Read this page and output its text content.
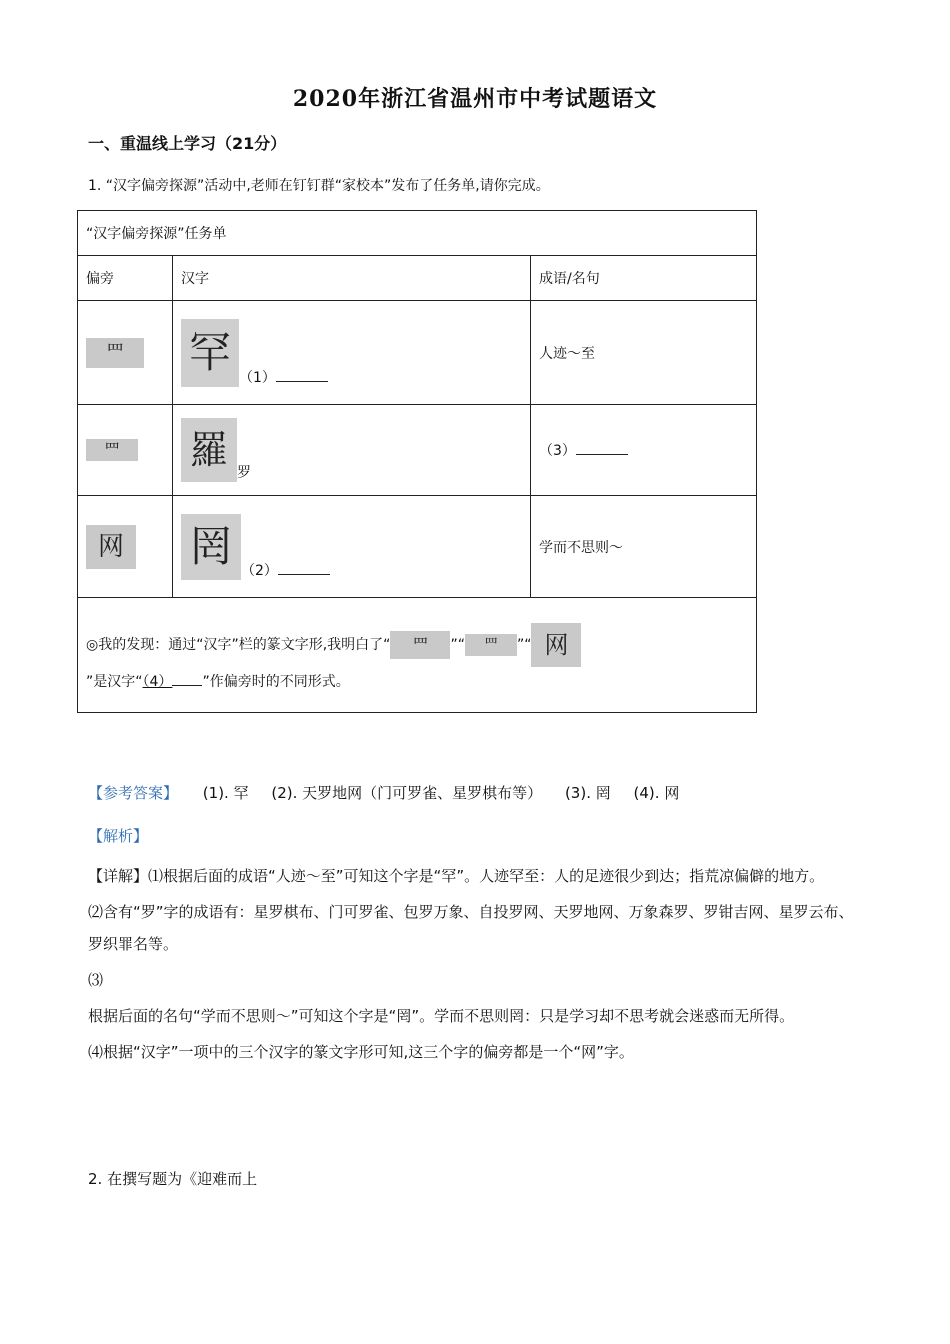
2020年浙江省温州市中考试题语文
一、重温线上学习（21分）
1. “汉字偏旁探源”活动中,老师在钉钉群“家校本”发布了任务单,请你完成。
“汉字偏旁探源”任务单		
偏旁	汉字	成语/名句
罒	罕（1）	人迹～至
罒	羅罗	（3）
网	罔 （2）	学而不思则～

◎我的发现：通过“汉字”栏的篆文字形,我明白了“ 罒 ”“ 罒 ”“ 网
”是汉字“（4） ”作偏旁时的不同形式。		
【参考答案】 (1). 罕 (2). 天罗地网（门可罗雀、星罗棋布等） (3). 罔 (4). 网
【解析】

【详解】⑴根据后面的成语“人迹～至”可知这个字是“罕”。人迹罕至：人的足迹很少到达；指荒凉偏僻的地方。

⑵含有“罗”字的成语有：星罗棋布、门可罗雀、包罗万象、自投罗网、天罗地网、万象森罗、罗钳吉网、星罗云布、罗织罪名等。

⑶

根据后面的名句“学而不思则～”可知这个字是“罔”。学而不思则罔：只是学习却不思考就会迷惑而无所得。

⑷根据“汉字”一项中的三个汉字的篆文字形可知,这三个字的偏旁都是一个“网”字。

2. 在撰写题为《迎难而上
